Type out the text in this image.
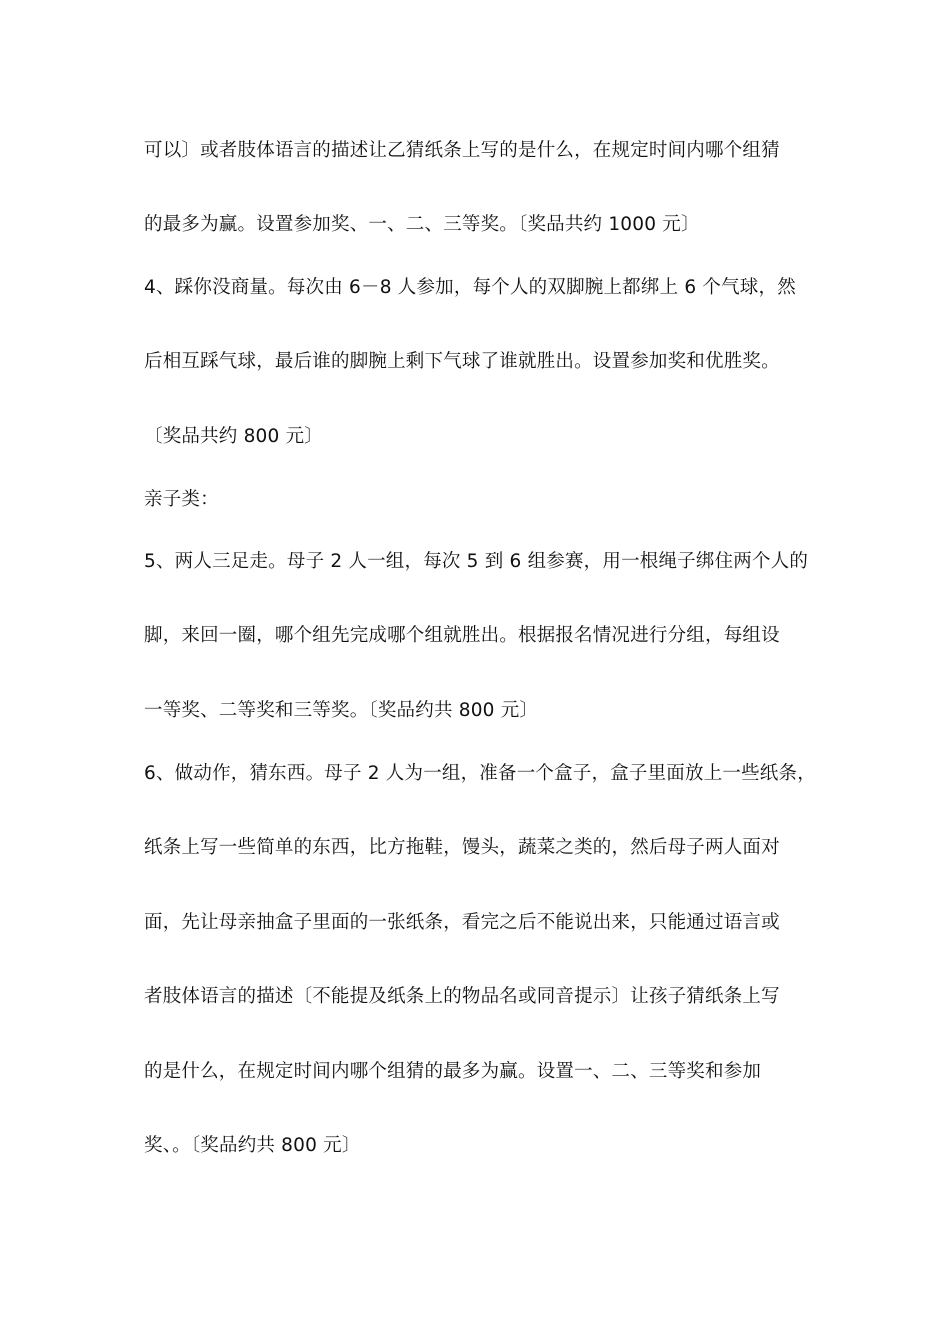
可以〕或者肢体语言的描述让乙猜纸条上写的是什么，在规定时间内哪个组猜
的最多为赢。设置参加奖、一、二、三等奖。〔奖品共约 1000 元〕
4、踩你没商量。每次由 6－8 人参加，每个人的双脚腕上都绑上 6 个气球，然
后相互踩气球，最后谁的脚腕上剩下气球了谁就胜出。设置参加奖和优胜奖。
〔奖品共约 800 元〕
亲子类：
5、两人三足走。母子 2 人一组，每次 5 到 6 组参赛，用一根绳子绑住两个人的
脚，来回一圈，哪个组先完成哪个组就胜出。根据报名情况进行分组，每组设
一等奖、二等奖和三等奖。〔奖品约共 800 元〕
6、做动作，猜东西。母子 2 人为一组，准备一个盒子，盒子里面放上一些纸条，
纸条上写一些简单的东西，比方拖鞋，馒头，蔬菜之类的，然后母子两人面对
面，先让母亲抽盒子里面的一张纸条，看完之后不能说出来，只能通过语言或
者肢体语言的描述〔不能提及纸条上的物品名或同音提示〕让孩子猜纸条上写
的是什么，在规定时间内哪个组猜的最多为赢。设置一、二、三等奖和参加
奖、。〔奖品约共 800 元〕
